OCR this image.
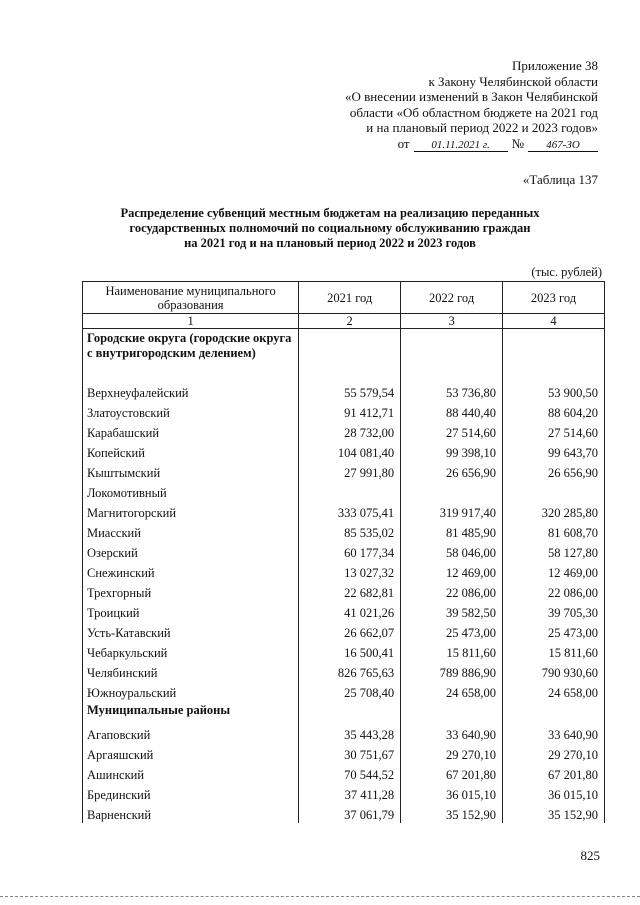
Приложение 38
к Закону Челябинской области
«О внесении изменений в Закон Челябинской
области «Об областном бюджете на 2021 год
и на плановый период 2022 и 2023 годов»
от	01.11.2021 г.	№	467-ЗО
«Таблица 137
Распределение субвенций местным бюджетам на реализацию переданных
государственных полномочий по социальному обслуживанию граждан
на 2021 год и на плановый период 2022 и 2023 годов
(тыс. рублей)
Наименование муниципального образования	2021 год	2022 год	2023 год
1	2	3	4
Городские округа (городские округа с внутригородским делением)			
Верхнеуфалейский	55 579,54	53 736,80	53 900,50
Златоустовский	91 412,71	88 440,40	88 604,20
Карабашский	28 732,00	27 514,60	27 514,60
Копейский	104 081,40	99 398,10	99 643,70
Кыштымский	27 991,80	26 656,90	26 656,90
Локомотивный			
Магнитогорский	333 075,41	319 917,40	320 285,80
Миасский	85 535,02	81 485,90	81 608,70
Озерский	60 177,34	58 046,00	58 127,80
Снежинский	13 027,32	12 469,00	12 469,00
Трехгорный	22 682,81	22 086,00	22 086,00
Троицкий	41 021,26	39 582,50	39 705,30
Усть-Катавский	26 662,07	25 473,00	25 473,00
Чебаркульский	16 500,41	15 811,60	15 811,60
Челябинский	826 765,63	789 886,90	790 930,60
Южноуральский	25 708,40	24 658,00	24 658,00
Муниципальные районы			
Агаповский	35 443,28	33 640,90	33 640,90
Аргаяшский	30 751,67	29 270,10	29 270,10
Ашинский	70 544,52	67 201,80	67 201,80
Брединский	37 411,28	36 015,10	36 015,10
Варненский	37 061,79	35 152,90	35 152,90
825
